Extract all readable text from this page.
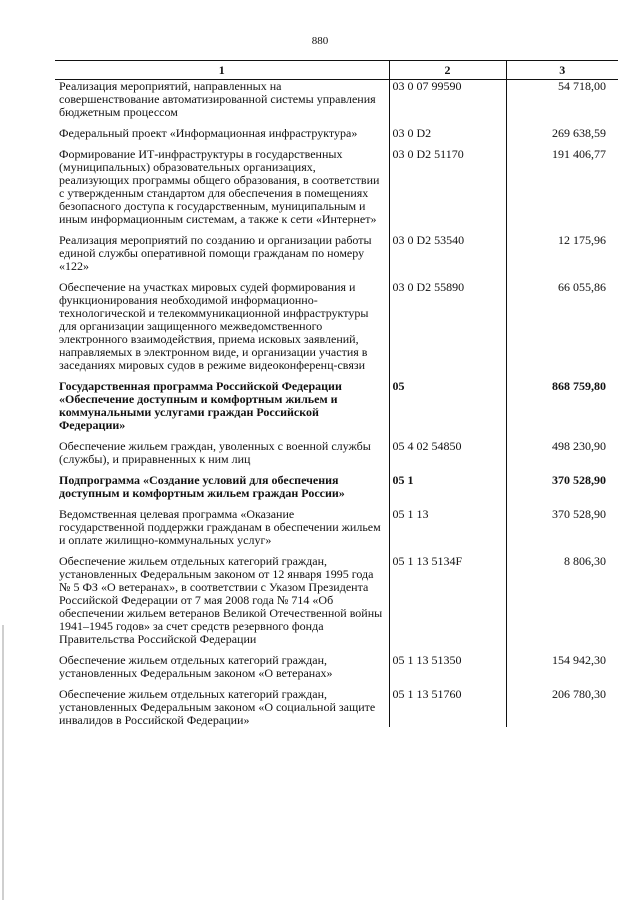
880
1	2	3
Реализация мероприятий, направленных на совершенствование автоматизированной системы управления бюджетным процессом	03 0 07 99590	54 718,00

Федеральный проект «Информационная инфраструктура»	03 0 D2	269 638,59

Формирование ИТ-инфраструктуры в государственных (муниципальных) образовательных организациях, реализующих программы общего образования, в соответствии с утвержденным стандартом для обеспечения в помещениях безопасного доступа к государственным, муниципальным и иным информационным системам, а также к сети «Интернет»	03 0 D2 51170	191 406,77

Реализация мероприятий по созданию и организации работы единой службы оперативной помощи гражданам по номеру «122»	03 0 D2 53540	12 175,96

Обеспечение на участках мировых судей формирования и функционирования необходимой информационно-технологической и телекоммуникационной инфраструктуры для организации защищенного межведомственного электронного взаимодействия, приема исковых заявлений, направляемых в электронном виде, и организации участия в заседаниях мировых судов в режиме видеоконференц-связи	03 0 D2 55890	66 055,86

Государственная программа Российской Федерации «Обеспечение доступным и комфортным жильем и коммунальными услугами граждан Российской Федерации»	05	868 759,80

Обеспечение жильем граждан, уволенных с военной службы (службы), и приравненных к ним лиц	05 4 02 54850	498 230,90

Подпрограмма «Создание условий для обеспечения доступным и комфортным жильем граждан России»	05 1	370 528,90

Ведомственная целевая программа «Оказание государственной поддержки гражданам в обеспечении жильем и оплате жилищно-коммунальных услуг»	05 1 13	370 528,90

Обеспечение жильем отдельных категорий граждан, установленных Федеральным законом от 12 января 1995 года № 5 ФЗ «О ветеранах», в соответствии с Указом Президента Российской Федерации от 7 мая 2008 года № 714 «Об обеспечении жильем ветеранов Великой Отечественной войны 1941–1945 годов» за счет средств резервного фонда Правительства Российской Федерации	05 1 13 5134F	8 806,30

Обеспечение жильем отдельных категорий граждан, установленных Федеральным законом «О ветеранах»	05 1 13 51350	154 942,30

Обеспечение жильем отдельных категорий граждан, установленных Федеральным законом «О социальной защите инвалидов в Российской Федерации»	05 1 13 51760	206 780,30
